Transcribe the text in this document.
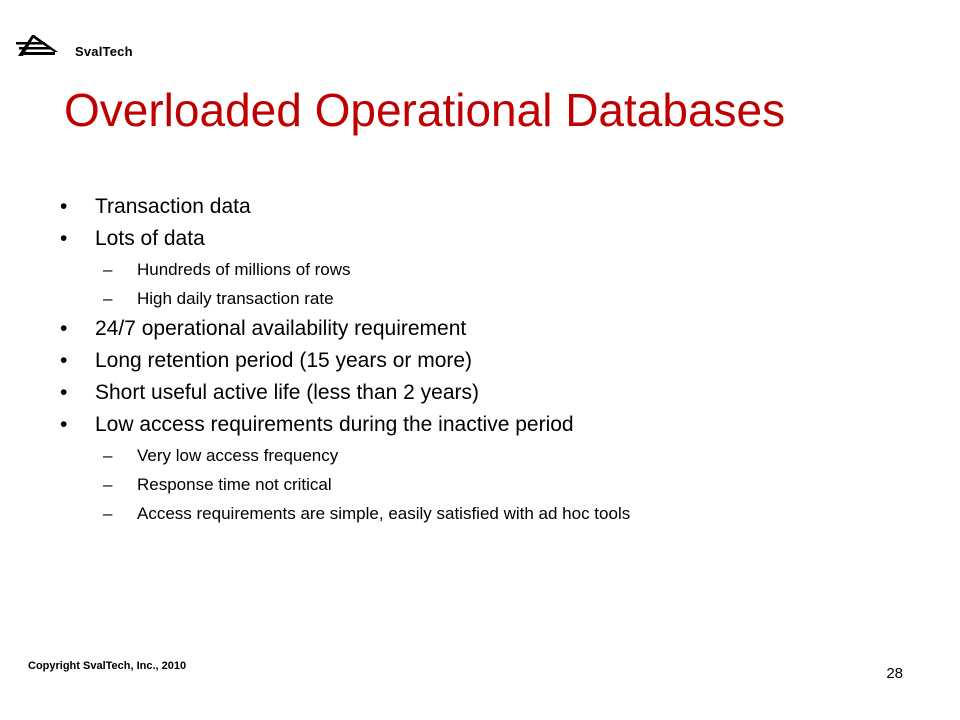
SvalTech
Overloaded Operational Databases
• Transaction data
• Lots of data
– Hundreds of millions of rows
– High daily transaction rate
• 24/7 operational availability requirement
• Long retention period (15 years or more)
• Short useful active life (less than 2 years)
• Low access requirements during the inactive period
– Very low access frequency
– Response time not critical
– Access requirements are simple, easily satisfied with ad hoc tools
Copyright SvalTech, Inc., 2010	28
